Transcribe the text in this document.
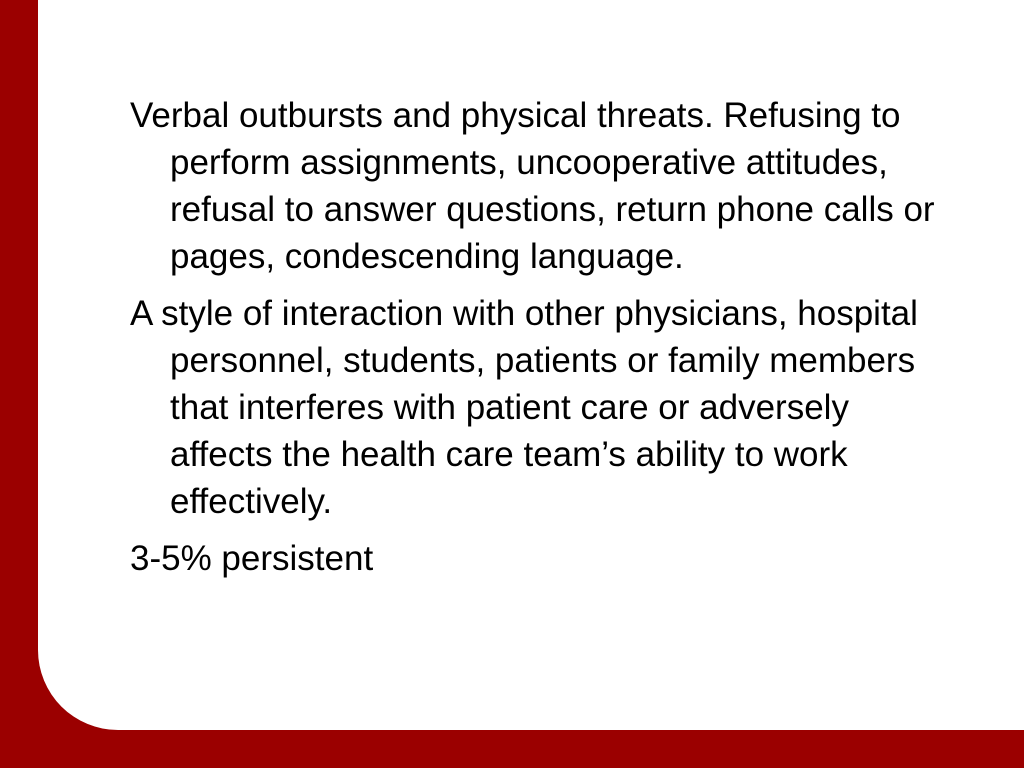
Verbal outbursts and physical threats. Refusing to perform assignments, uncooperative attitudes, refusal to answer questions, return phone calls or pages, condescending language.
A style of interaction with other physicians, hospital personnel, students, patients or family members that interferes with patient care or adversely affects the health care team’s ability to work effectively.
3-5% persistent
